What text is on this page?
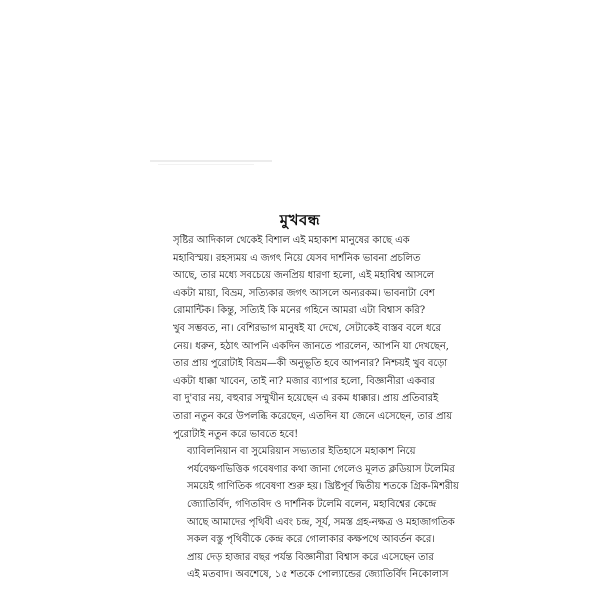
মুখবন্ধ

সৃষ্টির আদিকাল থেকেই বিশাল এই মহাকাশ মানুষের কাছে এক
মহাবিস্ময়। রহস্যময় এ জগৎ নিয়ে যেসব দার্শনিক ভাবনা প্রচলিত
আছে, তার মধ্যে সবচেয়ে জনপ্রিয় ধারণা হলো, এই মহাবিশ্ব আসলে
একটা মায়া, বিভ্রম, সত্যিকার জগৎ আসলে অন্যরকম। ভাবনাটা বেশ
রোমান্টিক। কিন্তু, সত্যিই কি মনের গহিনে আমরা এটা বিশ্বাস করি?
খুব সম্ভবত, না। বেশিরভাগ মানুষই যা দেখে, সেটাকেই বাস্তব বলে ধরে
নেয়। ধরুন, হঠাৎ আপনি একদিন জানতে পারলেন, আপনি যা দেখছেন,
তার প্রায় পুরোটাই বিভ্রম—কী অনুভূতি হবে আপনার? নিশ্চয়ই খুব বড়ো
একটা ধাক্কা খাবেন, তাই না? মজার ব্যাপার হলো, বিজ্ঞানীরা একবার
বা দু'বার নয়, বহুবার সম্মুখীন হয়েছেন এ রকম ধাক্কার। প্রায় প্রতিবারই
তারা নতুন করে উপলব্ধি করেছেন, এতদিন যা জেনে এসেছেন, তার প্রায়
পুরোটাই নতুন করে ভাবতে হবে!

ব্যাবিলনিয়ান বা সুমেরিয়ান সভ্যতার ইতিহাসে মহাকাশ নিয়ে
পর্যবেক্ষণভিত্তিক গবেষণার কথা জানা গেলেও মূলত ক্লডিয়াস টলেমির
সময়েই গাণিতিক গবেষণা শুরু হয়। খ্রিষ্টপূর্ব দ্বিতীয় শতকে গ্রিক-মিশরীয়
জ্যোতির্বিদ, গণিতবিদ ও দার্শনিক টলেমি বলেন, মহাবিশ্বের কেন্দ্রে
আছে আমাদের পৃথিবী এবং চন্দ্র, সূর্য, সমস্ত গ্রহ-নক্ষত্র ও মহাজাগতিক
সকল বস্তু পৃথিবীকে কেন্দ্র করে গোলাকার কক্ষপথে আবর্তন করে।
প্রায় দেড় হাজার বছর পর্যন্ত বিজ্ঞানীরা বিশ্বাস করে এসেছেন তার
এই মতবাদ। অবশেষে, ১৫ শতকে পোল্যান্ডের জ্যোতির্বিদ নিকোলাস
